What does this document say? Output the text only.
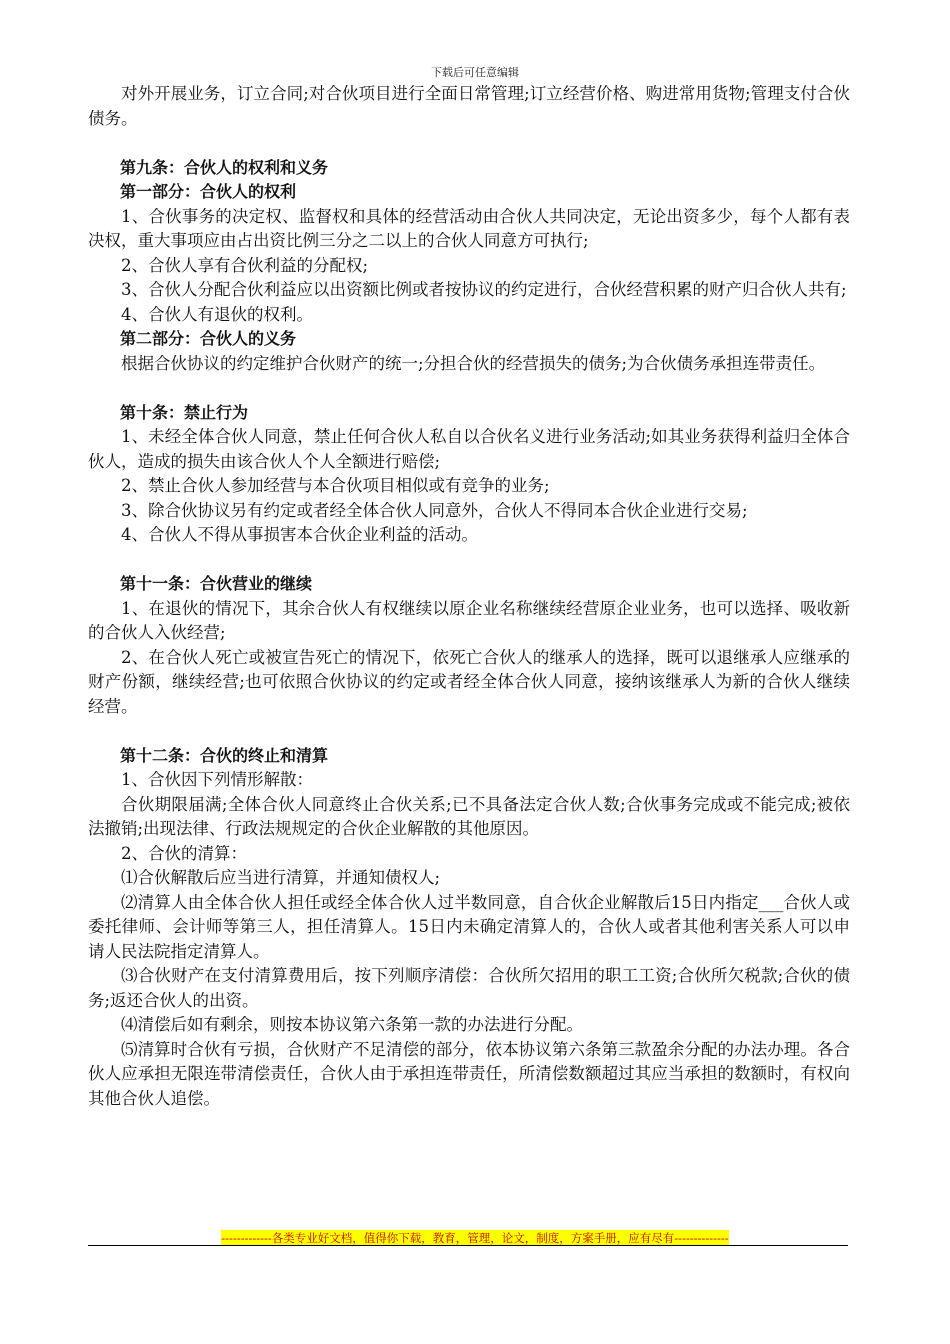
下载后可任意编辑

对外开展业务，订立合同;对合伙项目进行全面日常管理;订立经营价格、购进常用货物;管理支付合伙债务。

第九条：合伙人的权利和义务

第一部分：合伙人的权利

1、合伙事务的决定权、监督权和具体的经营活动由合伙人共同决定，无论出资多少，每个人都有表决权，重大事项应由占出资比例三分之二以上的合伙人同意方可执行;

2、合伙人享有合伙利益的分配权;

3、合伙人分配合伙利益应以出资额比例或者按协议的约定进行，合伙经营积累的财产归合伙人共有;

4、合伙人有退伙的权利。

第二部分：合伙人的义务

根据合伙协议的约定维护合伙财产的统一;分担合伙的经营损失的债务;为合伙债务承担连带责任。

第十条：禁止行为

1、未经全体合伙人同意，禁止任何合伙人私自以合伙名义进行业务活动;如其业务获得利益归全体合伙人，造成的损失由该合伙人个人全额进行赔偿;

2、禁止合伙人参加经营与本合伙项目相似或有竞争的业务;

3、除合伙协议另有约定或者经全体合伙人同意外，合伙人不得同本合伙企业进行交易;

4、合伙人不得从事损害本合伙企业利益的活动。

第十一条：合伙营业的继续

1、在退伙的情况下，其余合伙人有权继续以原企业名称继续经营原企业业务，也可以选择、吸收新的合伙人入伙经营;

2、在合伙人死亡或被宣告死亡的情况下，依死亡合伙人的继承人的选择，既可以退继承人应继承的财产份额，继续经营;也可依照合伙协议的约定或者经全体合伙人同意，接纳该继承人为新的合伙人继续经营。

第十二条：合伙的终止和清算

1、合伙因下列情形解散：

合伙期限届满;全体合伙人同意终止合伙关系;已不具备法定合伙人数;合伙事务完成或不能完成;被依法撤销;出现法律、行政法规规定的合伙企业解散的其他原因。

2、合伙的清算：

⑴合伙解散后应当进行清算，并通知债权人;

⑵清算人由全体合伙人担任或经全体合伙人过半数同意，自合伙企业解散后15日内指定___合伙人或委托律师、会计师等第三人，担任清算人。15日内未确定清算人的，合伙人或者其他利害关系人可以申请人民法院指定清算人。

⑶合伙财产在支付清算费用后，按下列顺序清偿：合伙所欠招用的职工工资;合伙所欠税款;合伙的债务;返还合伙人的出资。

⑷清偿后如有剩余，则按本协议第六条第一款的办法进行分配。

⑸清算时合伙有亏损，合伙财产不足清偿的部分，依本协议第六条第三款盈余分配的办法办理。各合伙人应承担无限连带清偿责任，合伙人由于承担连带责任，所清偿数额超过其应当承担的数额时，有权向其他合伙人追偿。

-------------各类专业好文档，值得你下载，教育，管理，论文，制度，方案手册，应有尽有--------------
